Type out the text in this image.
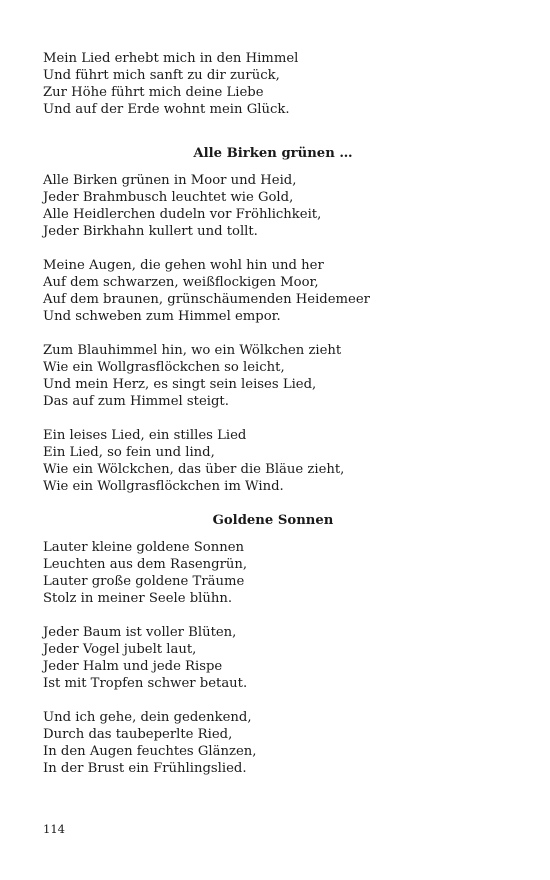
Mein Lied erhebt mich in den Himmel
Und führt mich sanft zu dir zurück,
Zur Höhe führt mich deine Liebe
Und auf der Erde wohnt mein Glück.
Alle Birken grünen …
Alle Birken grünen in Moor und Heid,
Jeder Brahmbusch leuchtet wie Gold,
Alle Heidlerchen dudeln vor Fröhlichkeit,
Jeder Birkhahn kullert und tollt.
Meine Augen, die gehen wohl hin und her
Auf dem schwarzen, weißflockigen Moor,
Auf dem braunen, grünschäumenden Heidemeer
Und schweben zum Himmel empor.
Zum Blauhimmel hin, wo ein Wölkchen zieht
Wie ein Wollgrasflöckchen so leicht,
Und mein Herz, es singt sein leises Lied,
Das auf zum Himmel steigt.
Ein leises Lied, ein stilles Lied
Ein Lied, so fein und lind,
Wie ein Wölckchen, das über die Bläue zieht,
Wie ein Wollgrasflöckchen im Wind.
Goldene Sonnen
Lauter kleine goldene Sonnen
Leuchten aus dem Rasengrün,
Lauter große goldene Träume
Stolz in meiner Seele blühn.
Jeder Baum ist voller Blüten,
Jeder Vogel jubelt laut,
Jeder Halm und jede Rispe
Ist mit Tropfen schwer betaut.
Und ich gehe, dein gedenkend,
Durch das taubeperlte Ried,
In den Augen feuchtes Glänzen,
In der Brust ein Frühlingslied.
114
